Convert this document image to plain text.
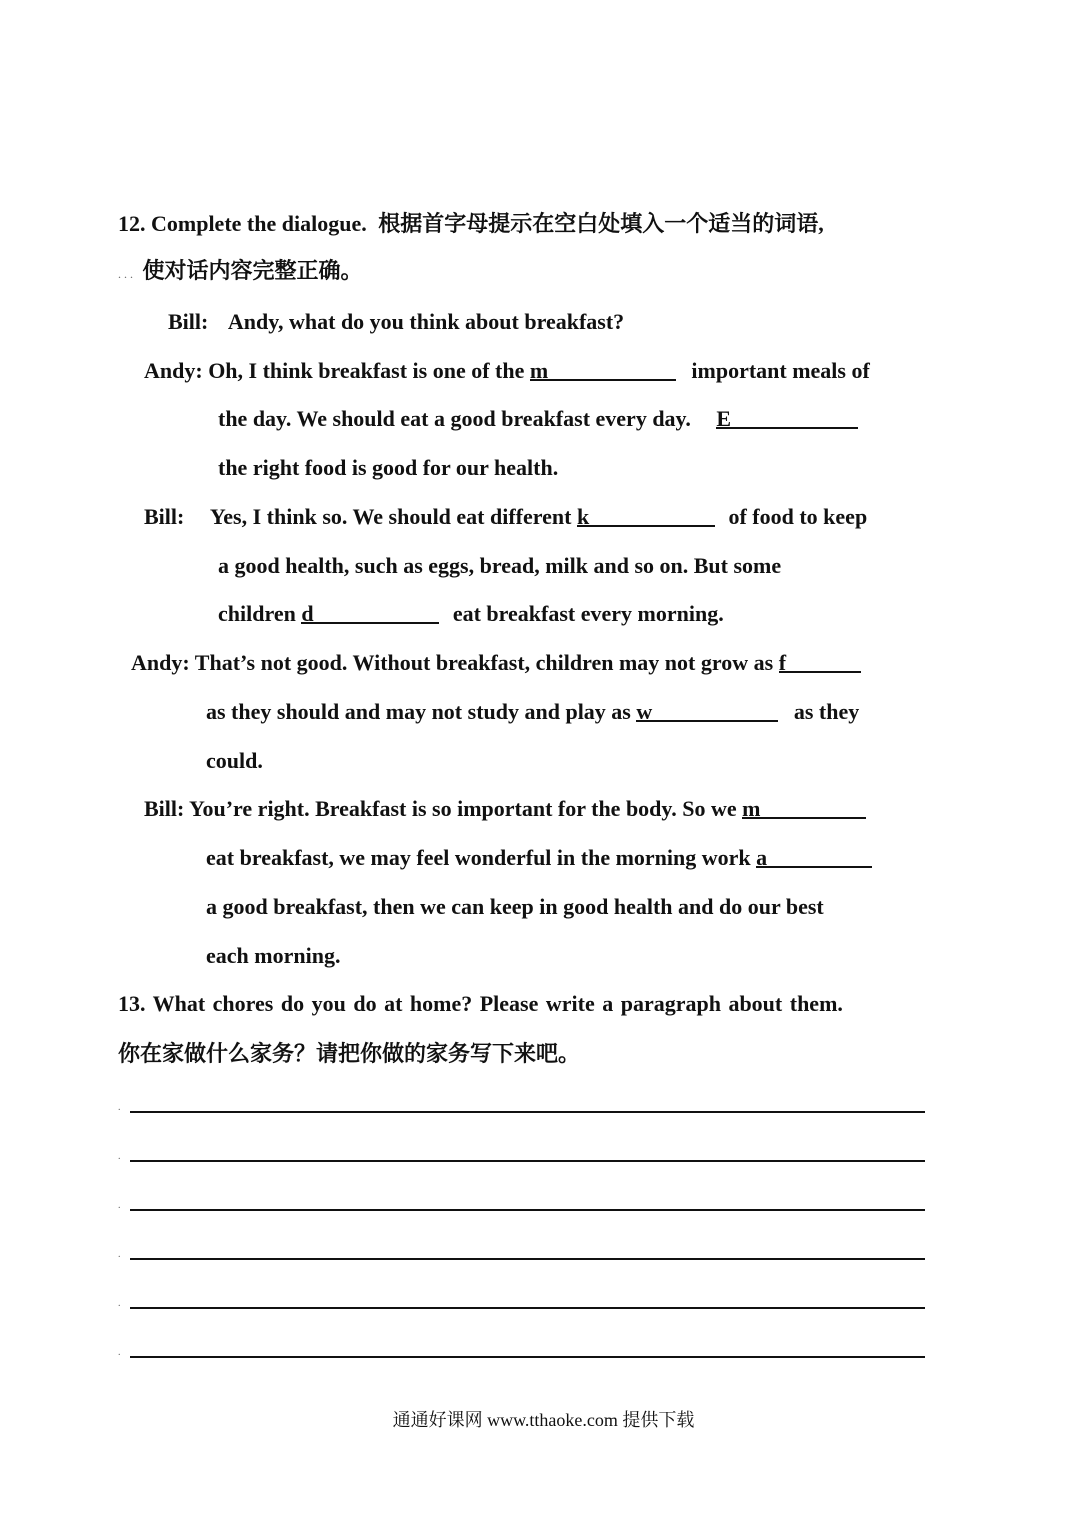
12. Complete the dialogue. 根据首字母提示在空白处填入一个适当的词语,
. . . 使对话内容完整正确。
Bill: Andy, what do you think about breakfast?
Andy: Oh, I think breakfast is one of the m	important meals of
the day. We should eat a good breakfast every day. E
the right food is good for our health.
Bill: Yes, I think so. We should eat different k	of food to keep
a good health, such as eggs, bread, milk and so on. But some
children d	eat breakfast every morning.
Andy: That’s not good. Without breakfast, children may not grow as f
as they should and may not study and play as w	as they
could.
Bill: You’re right. Breakfast is so important for the body. So we m
eat breakfast, we may feel wonderful in the morning work a
a good breakfast, then we can keep in good health and do our best
each morning.
13. What chores do you do at home? Please write a paragraph about them.
你在家做什么家务？请把你做的家务写下来吧。
.
.
.
.
.
.
通通好课网 www.tthaoke.com 提供下载
